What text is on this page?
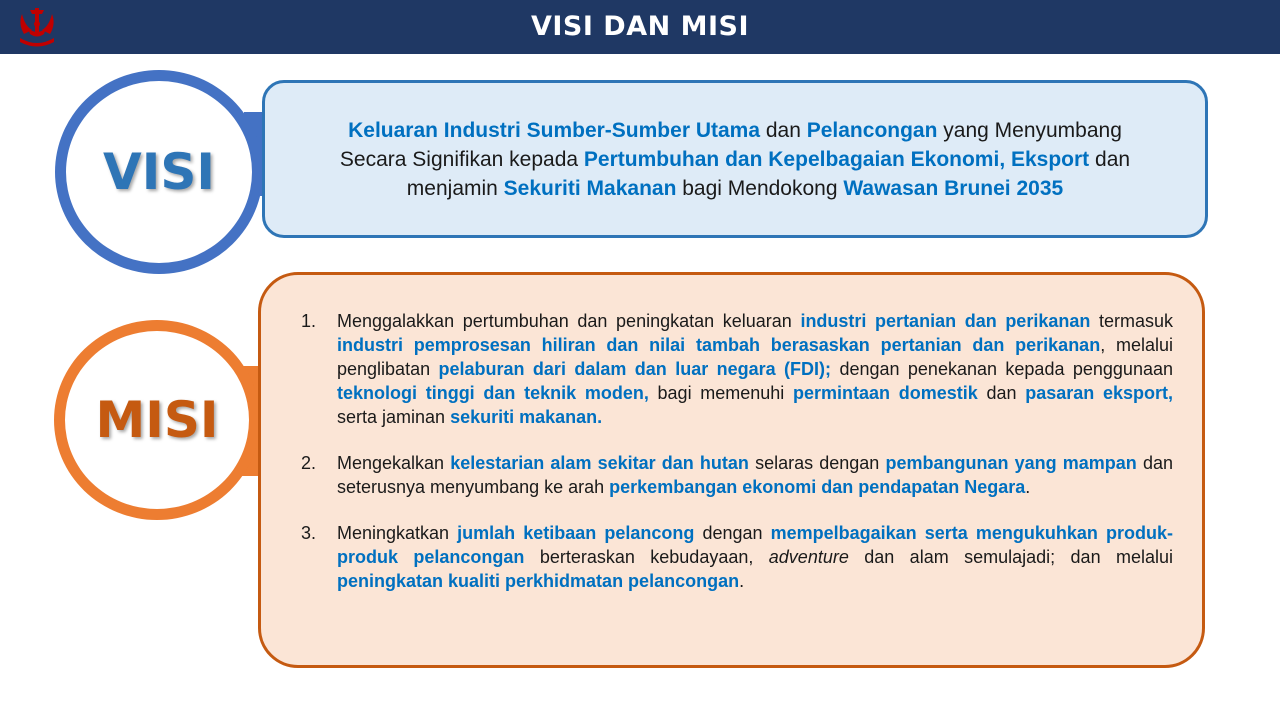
VISI DAN MISI
VISI
Keluaran Industri Sumber-Sumber Utama dan Pelancongan yang Menyumbang Secara Signifikan kepada Pertumbuhan dan Kepelbagaian Ekonomi, Eksport dan menjamin Sekuriti Makanan bagi Mendokong Wawasan Brunei 2035
MISI
1. Menggalakkan pertumbuhan dan peningkatan keluaran industri pertanian dan perikanan termasuk industri pemprosesan hiliran dan nilai tambah berasaskan pertanian dan perikanan, melalui penglibatan pelaburan dari dalam dan luar negara (FDI); dengan penekanan kepada penggunaan teknologi tinggi dan teknik moden, bagi memenuhi permintaan domestik dan pasaran eksport, serta jaminan sekuriti makanan.
2. Mengekalkan kelestarian alam sekitar dan hutan selaras dengan pembangunan yang mampan dan seterusnya menyumbang ke arah perkembangan ekonomi dan pendapatan Negara.
3. Meningkatkan jumlah ketibaan pelancong dengan mempelbagaikan serta mengukuhkan produk-produk pelancongan berteraskan kebudayaan, adventure dan alam semulajadi; dan melalui peningkatan kualiti perkhidmatan pelancongan.
